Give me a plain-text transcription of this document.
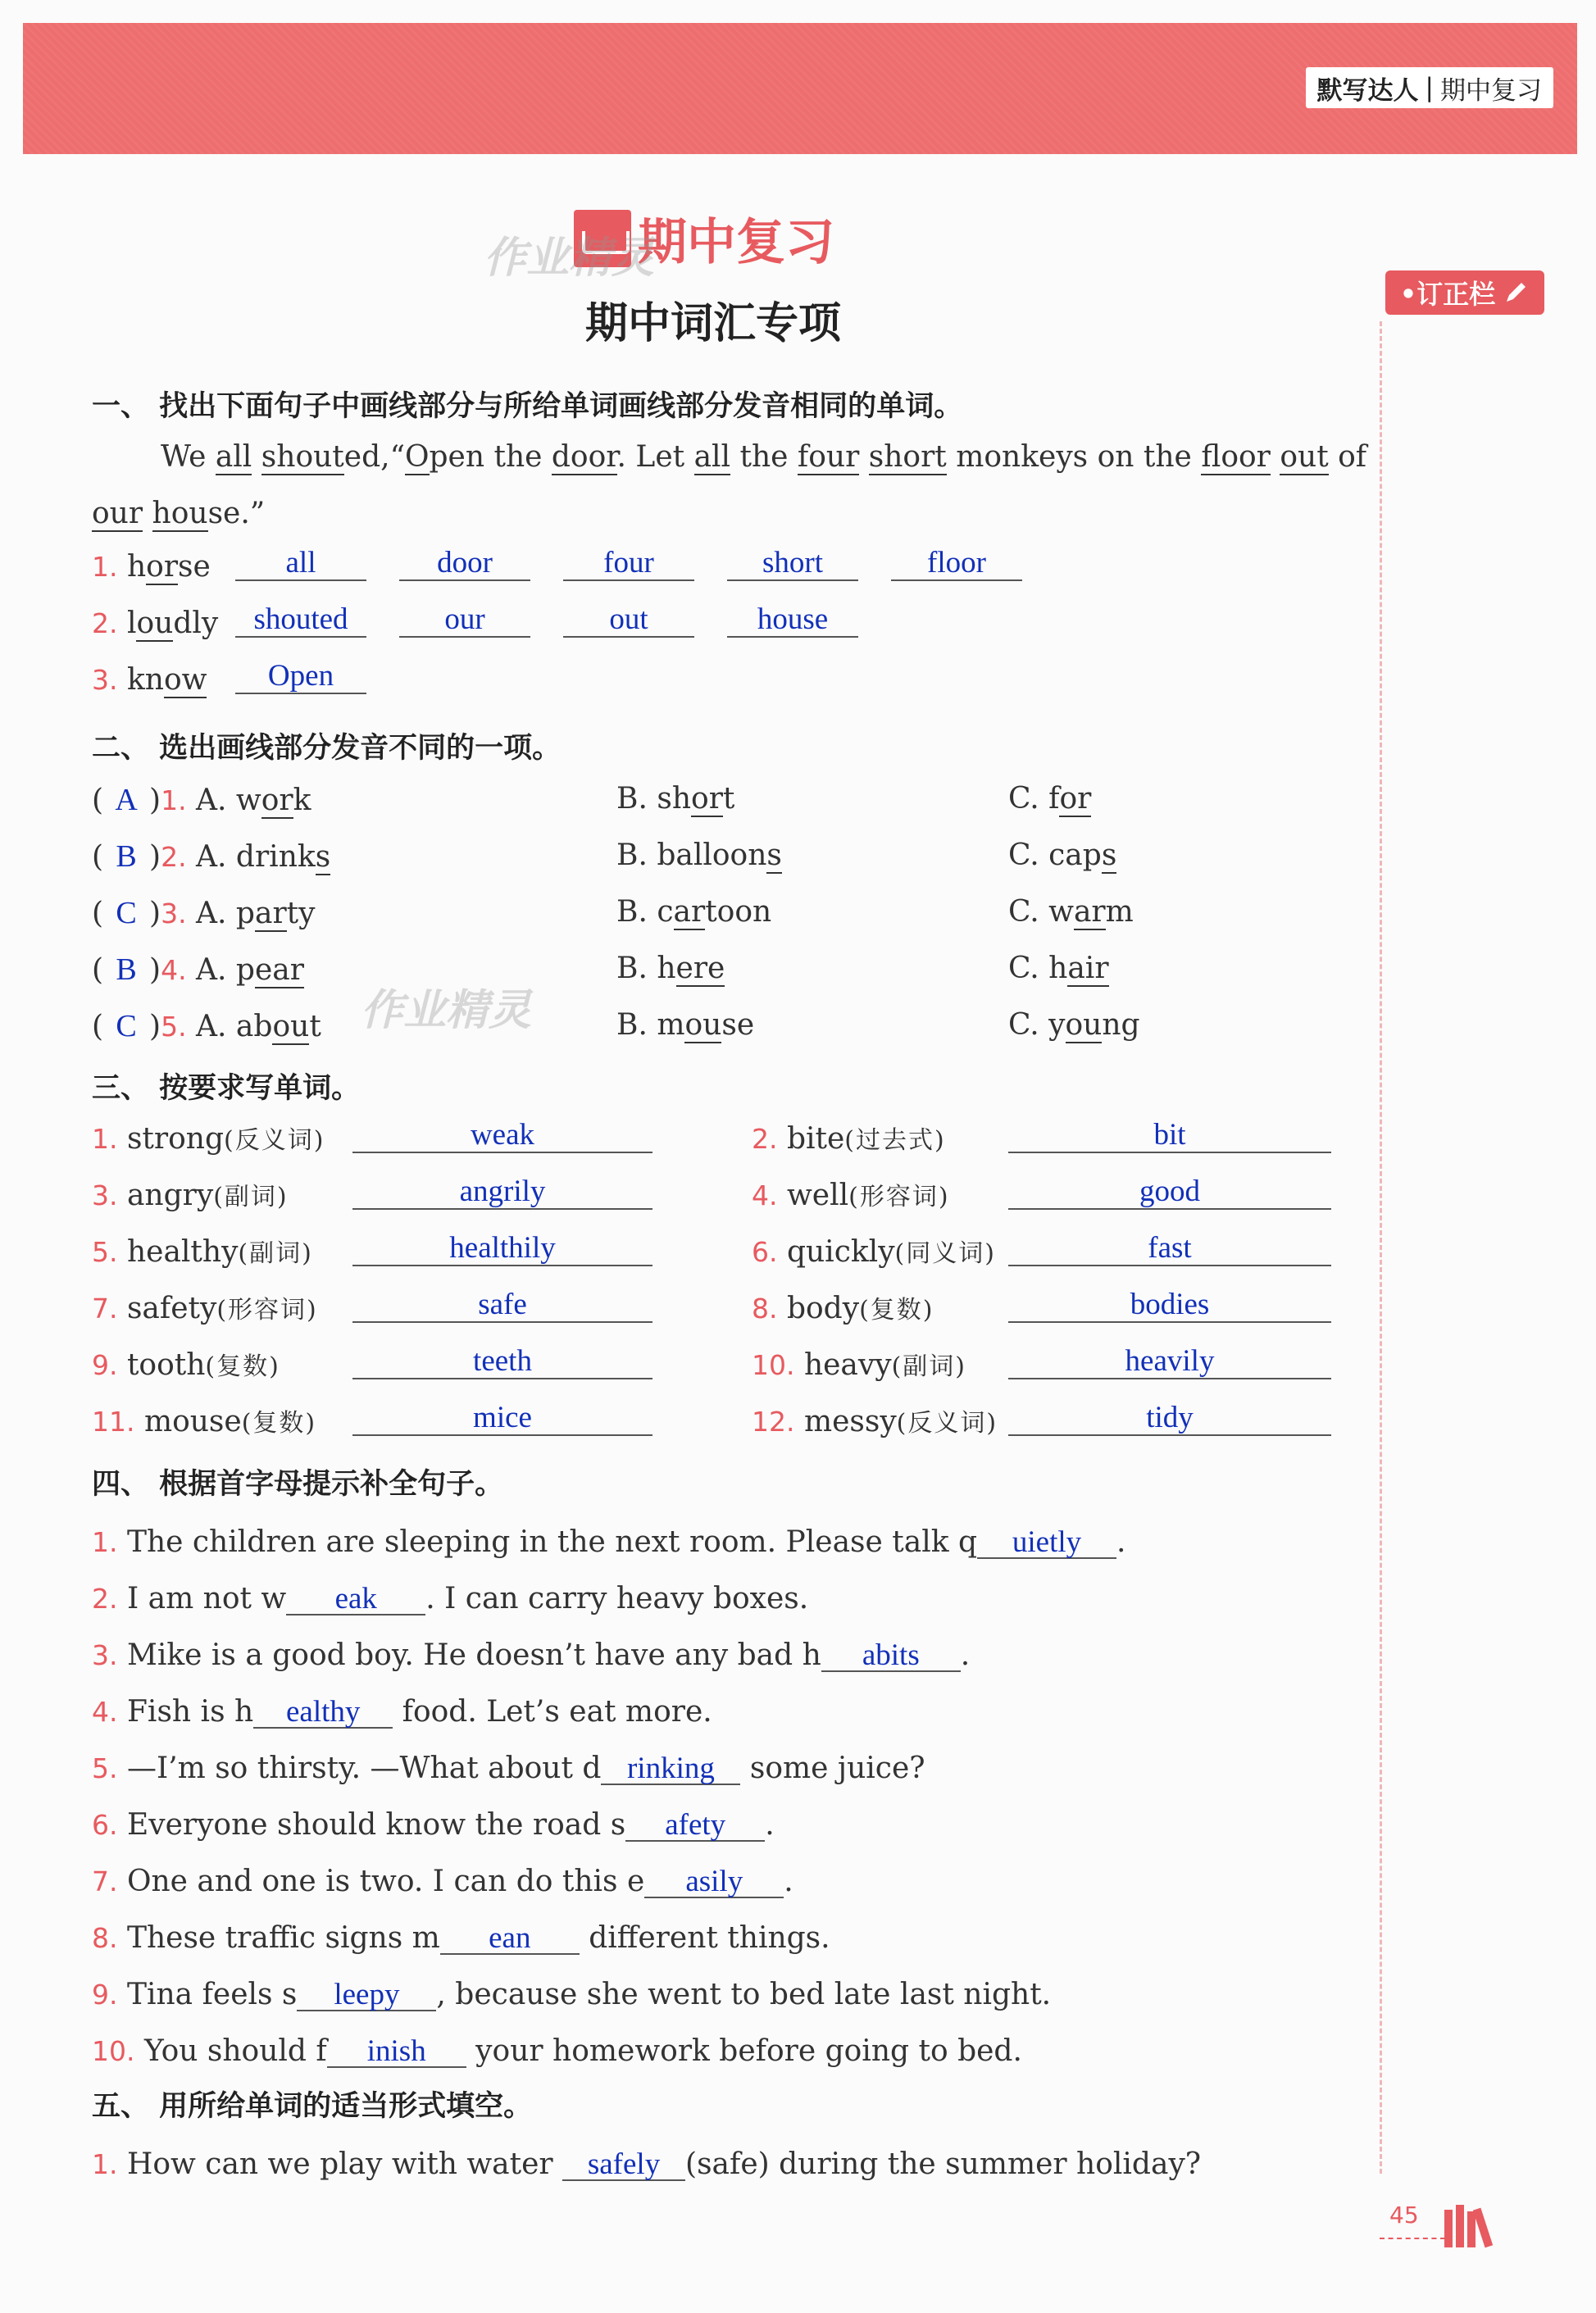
默写达人 | 期中复习
期中复习
期中词汇专项
作业精灵
作业精灵
•订正栏
一、 找出下面句子中画线部分与所给单词画线部分发音相同的单词。
We all shouted,“Open the door. Let all the four short monkeys on the floor out of
our house.”
1. horse	all	door	four	short	floor
2. loudly	shouted	our	out	house
3. know	Open
二、 选出画线部分发音不同的一项。
( A )1. A. work	B. short	C. for
( B )2. A. drinks	B. balloons	C. caps
( C )3. A. party	B. cartoon	C. warm
( B )4. A. pear	B. here	C. hair
( C )5. A. about	B. mouse	C. young
三、 按要求写单词。
1. strong(反义词)	weak	2. bite(过去式)	bit
3. angry(副词)	angrily	4. well(形容词)	good
5. healthy(副词)	healthily	6. quickly(同义词)	fast
7. safety(形容词)	safe	8. body(复数)	bodies
9. tooth(复数)	teeth	10. heavy(副词)	heavily
11. mouse(复数)	mice	12. messy(反义词)	tidy
四、 根据首字母提示补全句子。
1. The children are sleeping in the next room. Please talk q uietly .
2. I am not w eak . I can carry heavy boxes.
3. Mike is a good boy. He doesn’t have any bad h abits .
4. Fish is h ealthy food. Let’s eat more.
5. —I’m so thirsty. —What about d rinking some juice?
6. Everyone should know the road s afety .
7. One and one is two. I can do this e asily .
8. These traffic signs m ean different things.
9. Tina feels s leepy , because she went to bed late last night.
10. You should f inish your homework before going to bed.
五、 用所给单词的适当形式填空。
1. How can we play with water safely (safe) during the summer holiday?
45
